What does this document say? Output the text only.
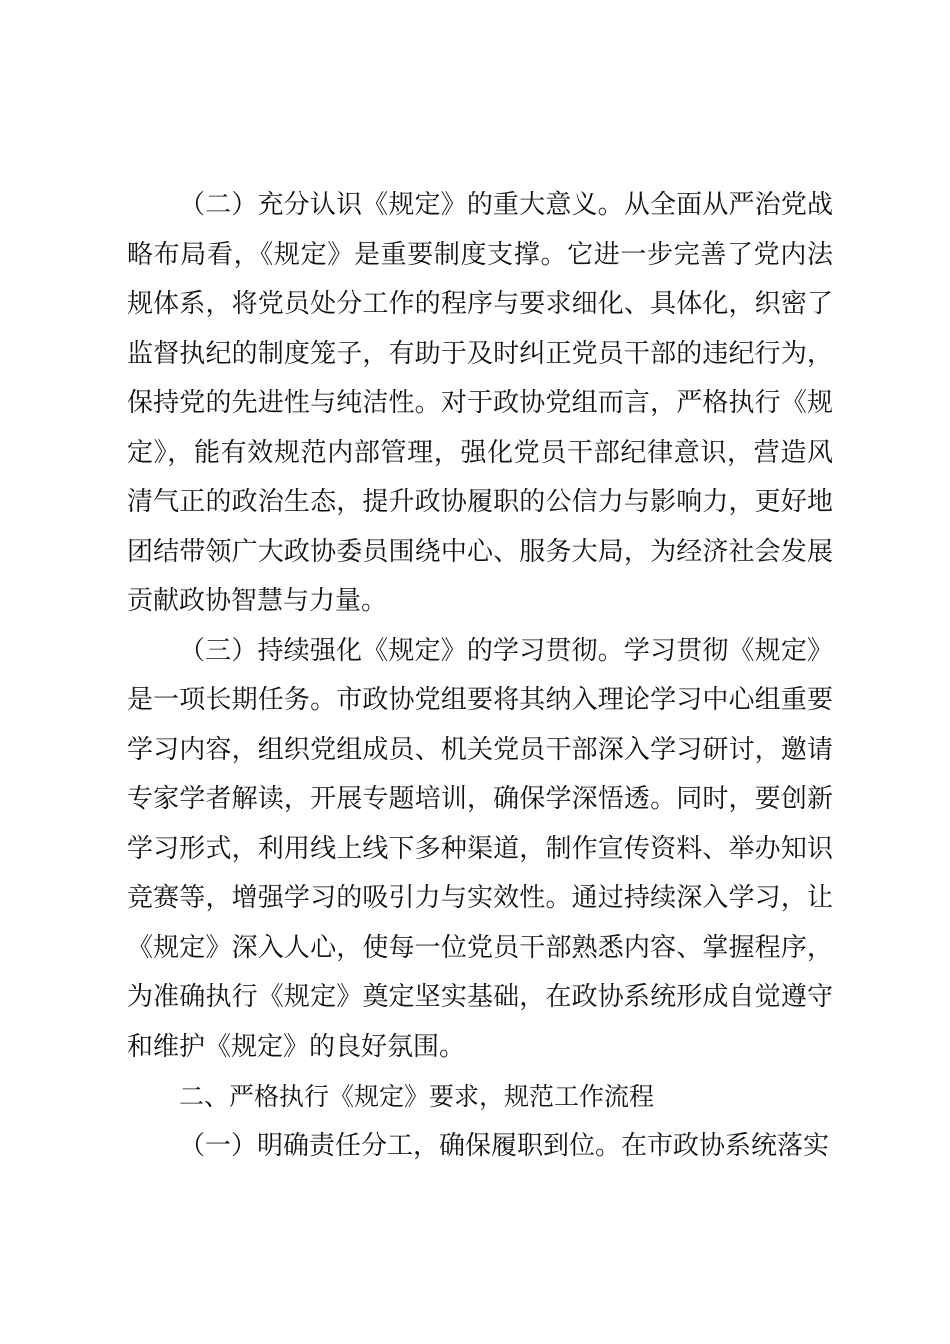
（二）充分认识《规定》的重大意义。从全面从严治党战略布局看，《规定》是重要制度支撑。它进一步完善了党内法规体系，将党员处分工作的程序与要求细化、具体化，织密了监督执纪的制度笼子，有助于及时纠正党员干部的违纪行为，保持党的先进性与纯洁性。对于政协党组而言，严格执行《规定》，能有效规范内部管理，强化党员干部纪律意识，营造风清气正的政治生态，提升政协履职的公信力与影响力，更好地团结带领广大政协委员围绕中心、服务大局，为经济社会发展贡献政协智慧与力量。

（三）持续强化《规定》的学习贯彻。学习贯彻《规定》是一项长期任务。市政协党组要将其纳入理论学习中心组重要学习内容，组织党组成员、机关党员干部深入学习研讨，邀请专家学者解读，开展专题培训，确保学深悟透。同时，要创新学习形式，利用线上线下多种渠道，制作宣传资料、举办知识竞赛等，增强学习的吸引力与实效性。通过持续深入学习，让《规定》深入人心，使每一位党员干部熟悉内容、掌握程序，为准确执行《规定》奠定坚实基础，在政协系统形成自觉遵守和维护《规定》的良好氛围。

二、严格执行《规定》要求，规范工作流程

（一）明确责任分工，确保履职到位。在市政协系统落实
